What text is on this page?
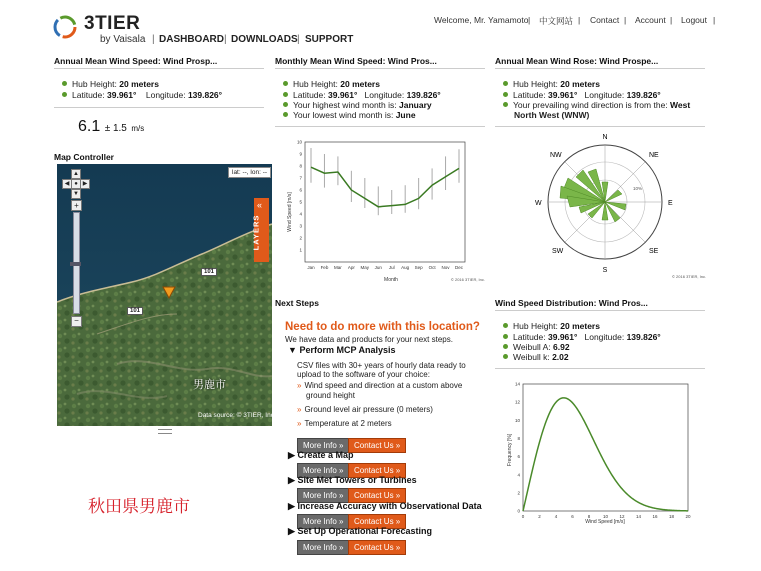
3TIER
by Vaisala | DASHBOARD | DOWNLOADS | SUPPORT
Welcome, Mr. Yamamoto | 中文网站 | Contact | Account | Logout |
Annual Mean Wind Speed: Wind Prosp...
Hub Height: 20 meters
Latitude: 39.961° Longitude: 139.826°
6.1 ± 1.5 m/s
Map Controller
▲
◀ ● ▶
▼
+
−
lat: --, lon: --
«
LAYERS
101
101
男鹿市
Data source: © 3TIER, Inc.
秋田県男鹿市
Monthly Mean Wind Speed: Wind Pros...
Hub Height: 20 meters
Latitude: 39.961° Longitude: 139.826°
Your highest wind month is: January
Your lowest wind month is: June
1
2
3
4
5
6
7
8
9
10
Jan Feb Mar Apr May Jun Jul Aug Sep Oct Nov Dec
Wind Speed [m/s]
Month	© 2016 3TIER, Inc.
Annual Mean Wind Rose: Wind Prospe...
Hub Height: 20 meters
Latitude: 39.961° Longitude: 139.826°
Your prevailing wind direction is from the: West
North West (WNW)
N
NE
E
SE
S
SW
W
NW
10%
© 2016 3TIER, Inc.
Next Steps
Need to do more with this location?
We have data and products for your next steps.
▼ Perform MCP Analysis
CSV files with 30+ years of hourly data ready to
upload to the software of your choice:
» Wind speed and direction at a custom above
ground height
» Ground level air pressure (0 meters)
» Temperature at 2 meters
More Info »	Contact Us »
▶ Create a Map
More Info »	Contact Us »
▶ Site Met Towers or Turbines
More Info »	Contact Us »
▶ Increase Accuracy with Observational Data
More Info »	Contact Us »
▶ Set Up Operational Forecasting
More Info »	Contact Us »
Wind Speed Distribution: Wind Pros...
Hub Height: 20 meters
Latitude: 39.961° Longitude: 139.826°
Weibull A: 6.92
Weibull k: 2.02
0
2
4
6
8
10
12
14
0	2	4	6	8	10	12	14	16	18	20
Frequency [%]
Wind Speed [m/s]
